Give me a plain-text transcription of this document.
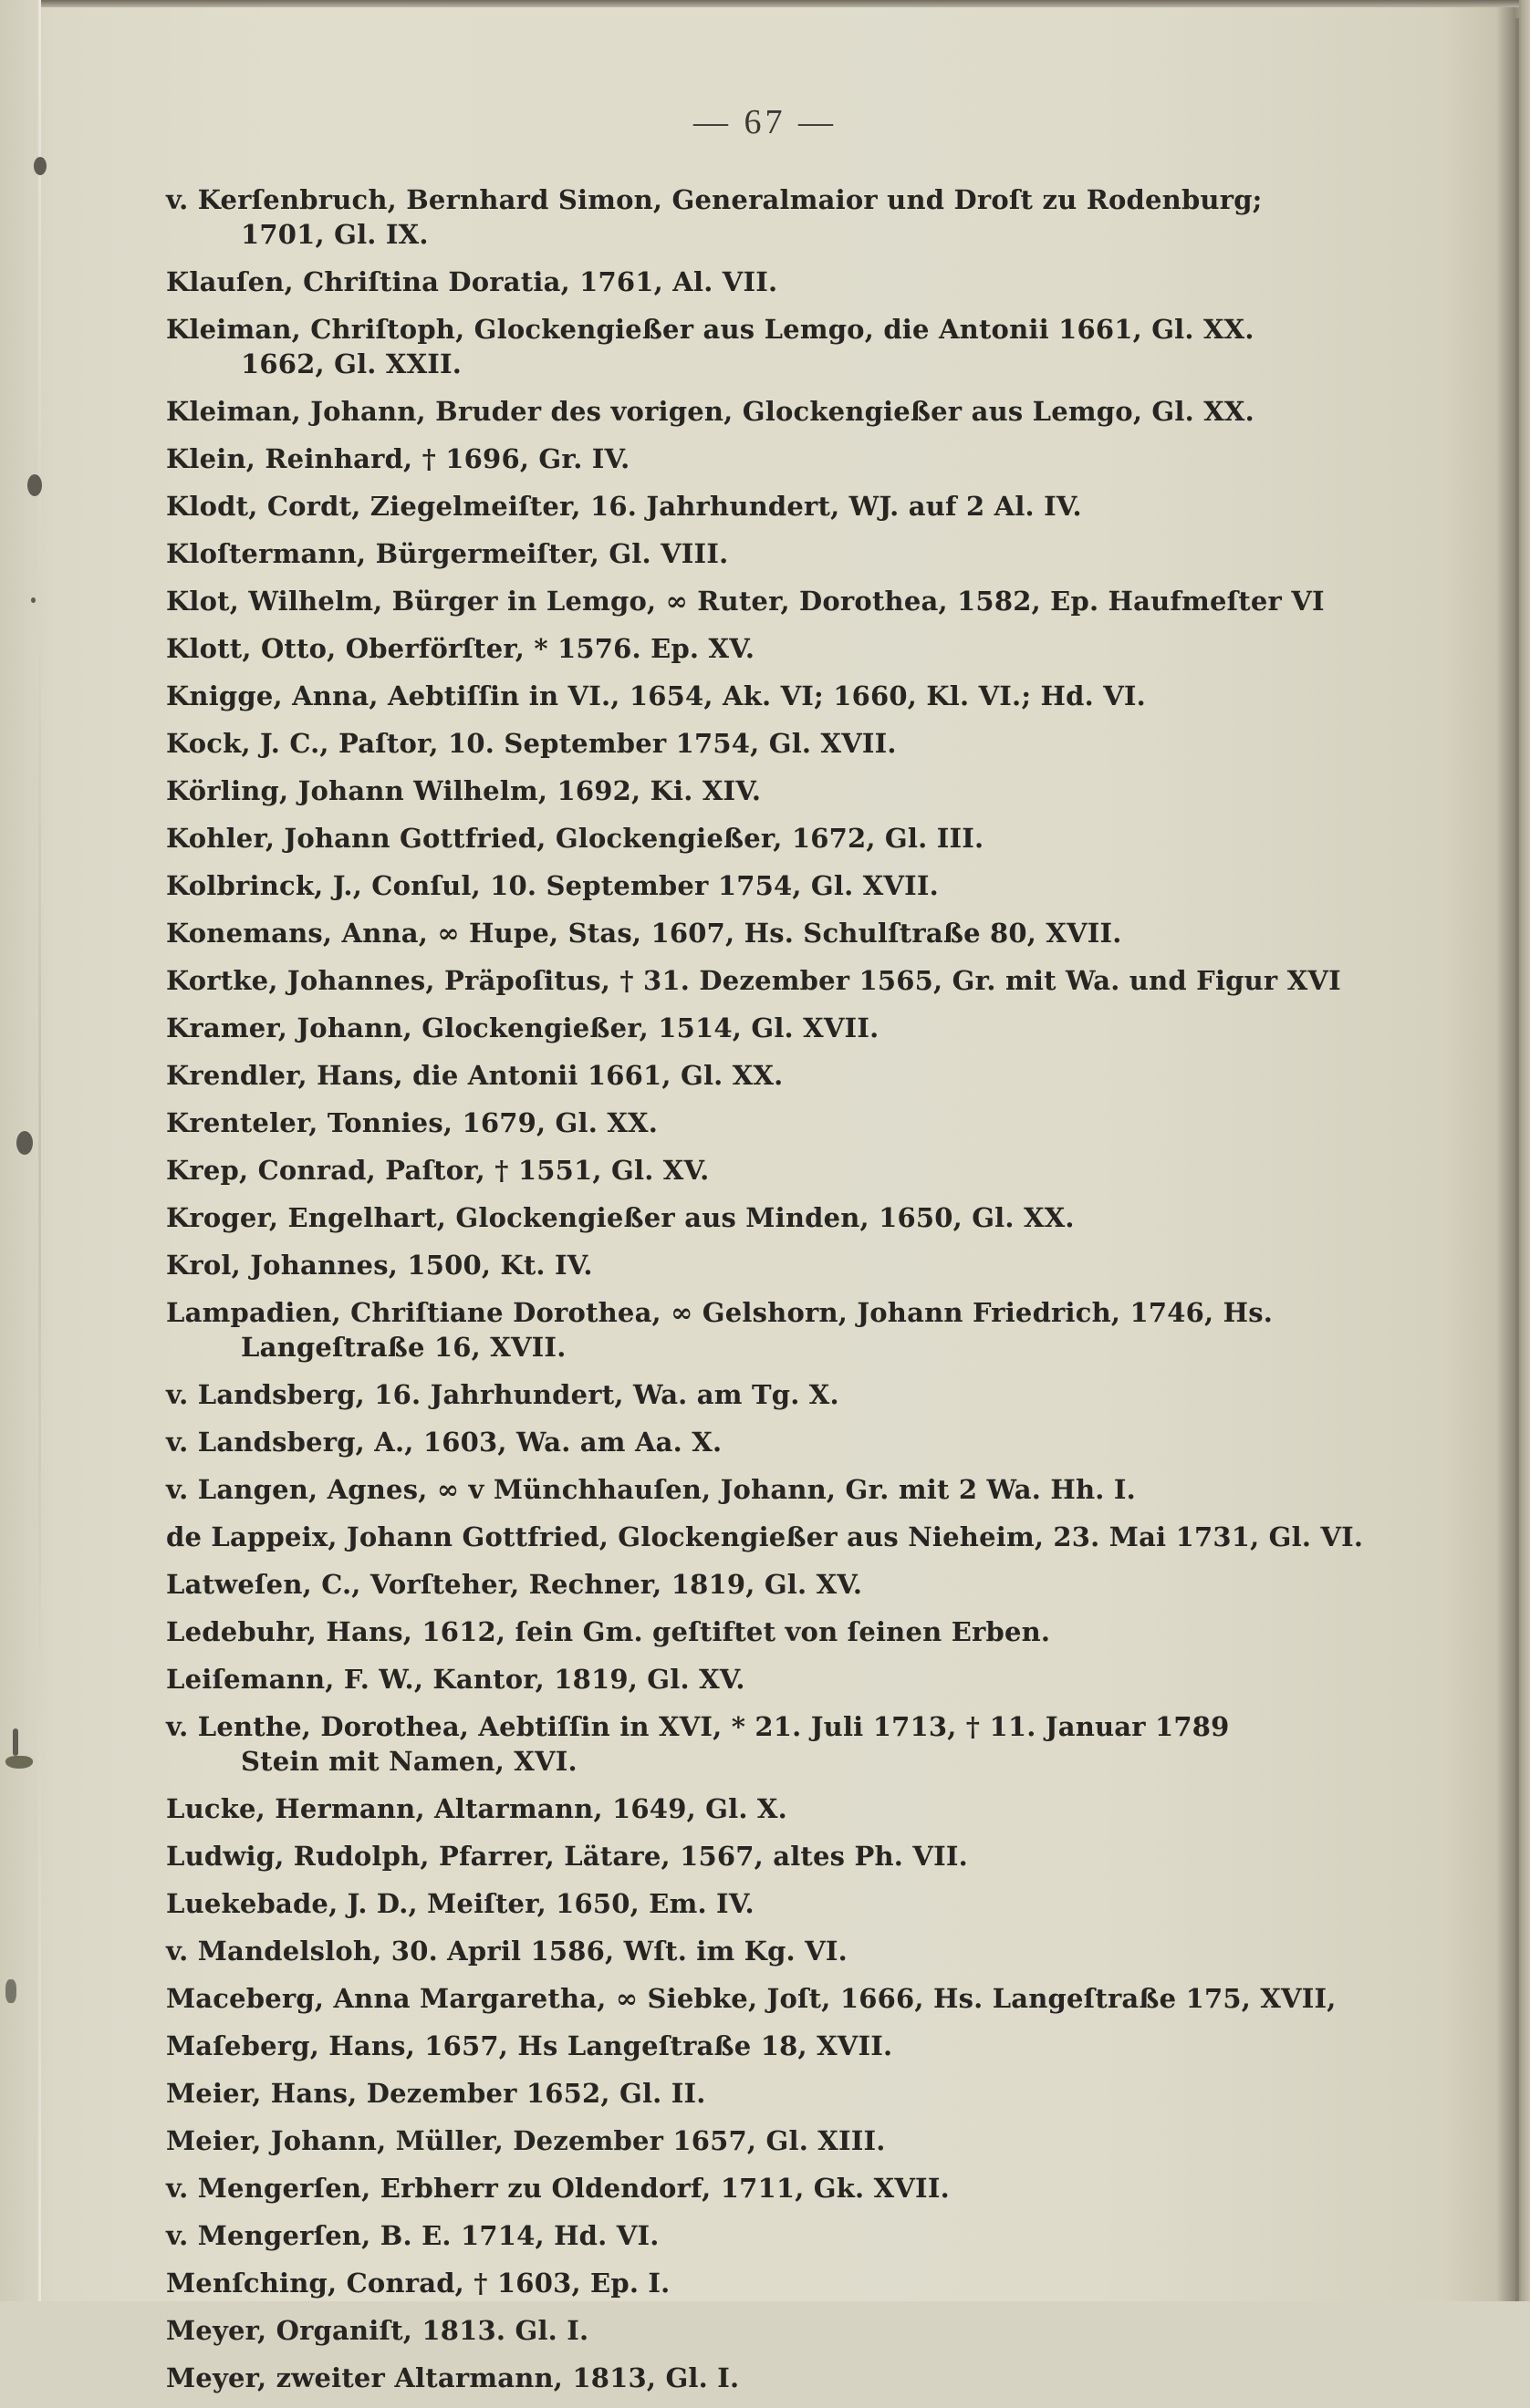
— 67 —
v. Kerſenbruch, Bernhard Simon, Generalmaior und Droſt zu Rodenburg;
1701, Gl. IX.
Klauſen, Chriſtina Doratia, 1761, Al. VII.
Kleiman, Chriſtoph, Glockengießer aus Lemgo, die Antonii 1661, Gl. XX.
1662, Gl. XXII.
Kleiman, Johann, Bruder des vorigen, Glockengießer aus Lemgo, Gl. XX.
Klein, Reinhard, † 1696, Gr. IV.
Klodt, Cordt, Ziegelmeiſter, 16. Jahrhundert, WJ. auf 2 Al. IV.
Kloſtermann, Bürgermeiſter, Gl. VIII.
Klot, Wilhelm, Bürger in Lemgo, ∞ Ruter, Dorothea, 1582, Ep. Haufmeſter VI
Klott, Otto, Oberförſter, * 1576. Ep. XV.
Knigge, Anna, Aebtiſſin in VI., 1654, Ak. VI; 1660, Kl. VI.; Hd. VI.
Kock, J. C., Paſtor, 10. September 1754, Gl. XVII.
Körling, Johann Wilhelm, 1692, Ki. XIV.
Kohler, Johann Gottfried, Glockengießer, 1672, Gl. III.
Kolbrinck, J., Conſul, 10. September 1754, Gl. XVII.
Konemans, Anna, ∞ Hupe, Stas, 1607, Hs. Schulſtraße 80, XVII.
Kortke, Johannes, Präpoſitus, † 31. Dezember 1565, Gr. mit Wa. und Figur XVI
Kramer, Johann, Glockengießer, 1514, Gl. XVII.
Krendler, Hans, die Antonii 1661, Gl. XX.
Krenteler, Tonnies, 1679, Gl. XX.
Krep, Conrad, Paſtor, † 1551, Gl. XV.
Kroger, Engelhart, Glockengießer aus Minden, 1650, Gl. XX.
Krol, Johannes, 1500, Kt. IV.
Lampadien, Chriſtiane Dorothea, ∞ Gelshorn, Johann Friedrich, 1746, Hs.
Langeſtraße 16, XVII.
v. Landsberg, 16. Jahrhundert, Wa. am Tg. X.
v. Landsberg, A., 1603, Wa. am Aa. X.
v. Langen, Agnes, ∞ v Münchhauſen, Johann, Gr. mit 2 Wa. Hh. I.
de Lappeix, Johann Gottfried, Glockengießer aus Nieheim, 23. Mai 1731, Gl. VI.
Latweſen, C., Vorſteher, Rechner, 1819, Gl. XV.
Ledebuhr, Hans, 1612, ſein Gm. geſtiftet von ſeinen Erben.
Leiſemann, F. W., Kantor, 1819, Gl. XV.
v. Lenthe, Dorothea, Aebtiſſin in XVI, * 21. Juli 1713, † 11. Januar 1789
Stein mit Namen, XVI.
Lucke, Hermann, Altarmann, 1649, Gl. X.
Ludwig, Rudolph, Pfarrer, Lätare, 1567, altes Ph. VII.
Luekebade, J. D., Meiſter, 1650, Em. IV.
v. Mandelsloh, 30. April 1586, Wſt. im Kg. VI.
Maceberg, Anna Margaretha, ∞ Siebke, Joſt, 1666, Hs. Langeſtraße 175, XVII,
Maſeberg, Hans, 1657, Hs Langeſtraße 18, XVII.
Meier, Hans, Dezember 1652, Gl. II.
Meier, Johann, Müller, Dezember 1657, Gl. XIII.
v. Mengerſen, Erbherr zu Oldendorf, 1711, Gk. XVII.
v. Mengerſen, B. E. 1714, Hd. VI.
Menſching, Conrad, † 1603, Ep. I.
Meyer, Organiſt, 1813. Gl. I.
Meyer, zweiter Altarmann, 1813, Gl. I.
